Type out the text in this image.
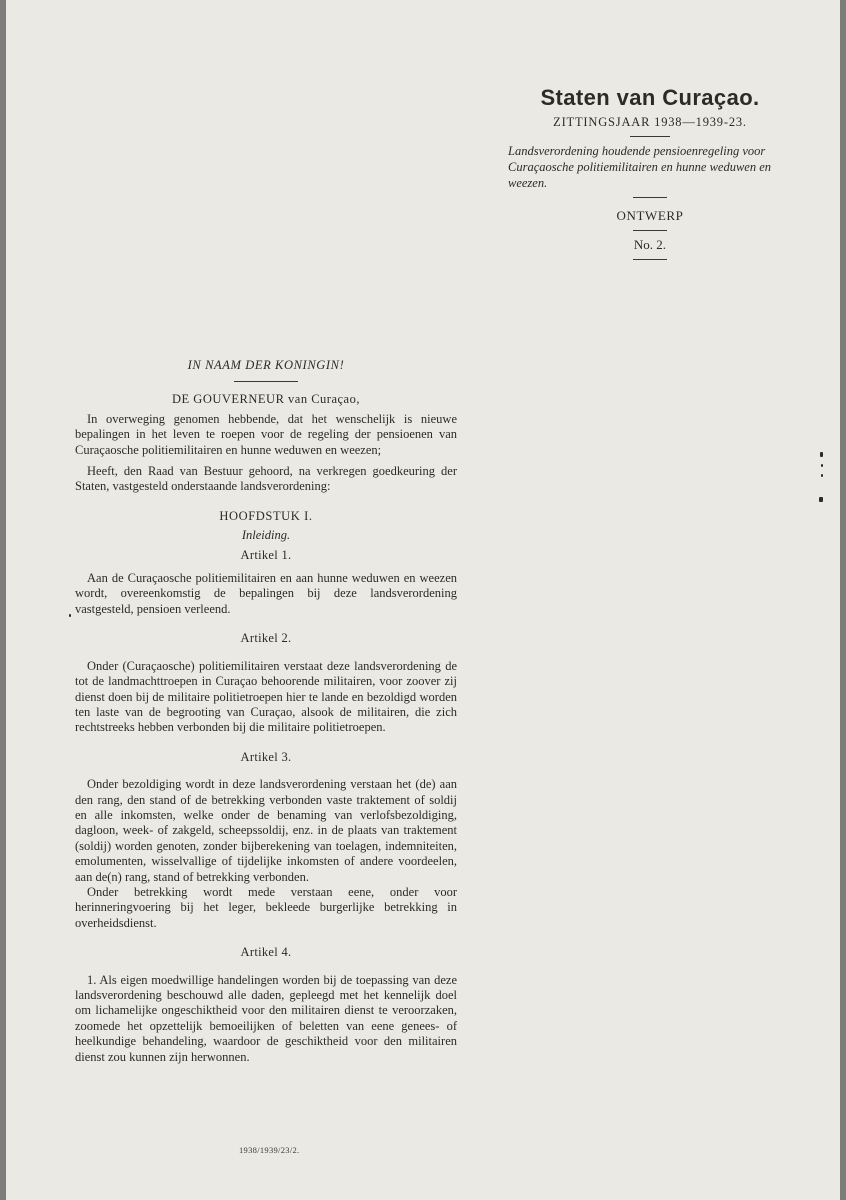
Staten van Curaçao.
ZITTINGSJAAR 1938—1939-23.
Landsverordening houdende pensioenregeling voor Curaçaosche politiemilitairen en hunne weduwen en weezen.
ONTWERP
No. 2.
IN NAAM DER KONINGIN!
DE GOUVERNEUR van Curaçao,

In overweging genomen hebbende, dat het wenschelijk is nieuwe bepalingen in het leven te roepen voor de regeling der pensioenen van Curaçaosche politiemilitairen en hunne weduwen en weezen;

Heeft, den Raad van Bestuur gehoord, na verkregen goedkeuring der Staten, vastgesteld onderstaande landsverordening:

HOOFDSTUK I.
Inleiding.
Artikel 1.

Aan de Curaçaosche politiemilitairen en aan hunne weduwen en weezen wordt, overeenkomstig de bepalingen bij deze landsverordening vastgesteld, pensioen verleend.

Artikel 2.

Onder (Curaçaosche) politiemilitairen verstaat deze landsverordening de tot de landmachttroepen in Curaçao behoorende militairen, voor zoover zij dienst doen bij de militaire politietroepen hier te lande en bezoldigd worden ten laste van de begrooting van Curaçao, alsook de militairen, die zich rechtstreeks hebben verbonden bij die militaire politietroepen.

Artikel 3.

Onder bezoldiging wordt in deze landsverordening verstaan het (de) aan den rang, den stand of de betrekking verbonden vaste traktement of soldij en alle inkomsten, welke onder de benaming van verlofsbezoldiging, dagloon, week- of zakgeld, scheepssoldij, enz. in de plaats van traktement (soldij) worden genoten, zonder bijberekening van toelagen, indemniteiten, emolumenten, wisselvallige of tijdelijke inkomsten of andere voordeelen, aan de(n) rang, stand of betrekking verbonden.

Onder betrekking wordt mede verstaan eene, onder voor herinneringvoering bij het leger, bekleede burgerlijke betrekking in overheidsdienst.

Artikel 4.

1. Als eigen moedwillige handelingen worden bij de toepassing van deze landsverordening beschouwd alle daden, gepleegd met het kennelijk doel om lichamelijke ongeschiktheid voor den militairen dienst te veroorzaken, zoomede het opzettelijk bemoeilijken of beletten van eene genees- of heelkundige behandeling, waardoor de geschiktheid voor den militairen dienst zou kunnen zijn herwonnen.

1938/1939/23/2.
